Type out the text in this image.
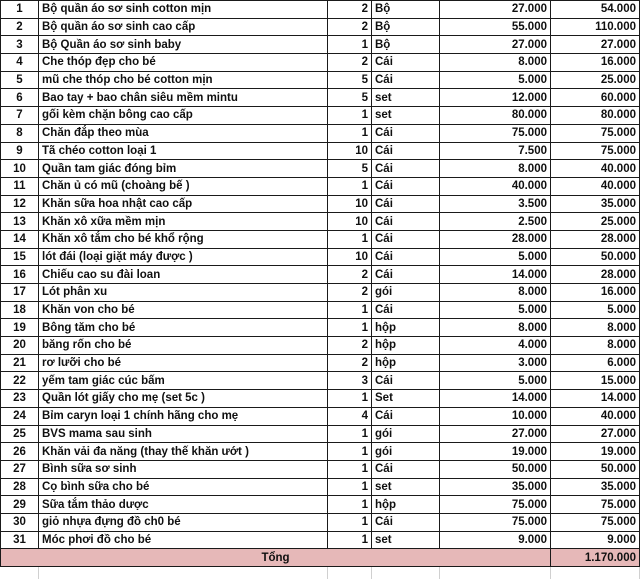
1	Bộ quần áo sơ sinh cotton mịn	2	Bộ	27.000	54.000
2	Bộ quần áo sơ sinh cao cấp	2	Bộ	55.000	110.000
3	Bộ Quần áo sơ sinh baby	1	Bộ	27.000	27.000
4	Che thóp đẹp cho bé	2	Cái	8.000	16.000
5	mũ che thóp cho bé cotton mịn	5	Cái	5.000	25.000
6	Bao tay + bao chân siêu mềm mintu	5	set	12.000	60.000
7	gối kèm chặn bông cao cấp	1	set	80.000	80.000
8	Chăn đắp theo mùa	1	Cái	75.000	75.000
9	Tã chéo cotton loại 1	10	Cái	7.500	75.000
10	Quần tam giác đóng bỉm	5	Cái	8.000	40.000
11	Chăn ủ có mũ (choàng bế )	1	Cái	40.000	40.000
12	Khăn sữa hoa nhật cao cấp	10	Cái	3.500	35.000
13	Khăn xô xữa mềm mịn	10	Cái	2.500	25.000
14	Khăn xô tắm cho bé khổ rộng	1	Cái	28.000	28.000
15	lót đái (loại giặt máy được )	10	Cái	5.000	50.000
16	Chiếu cao su đài loan	2	Cái	14.000	28.000
17	Lót phân xu	2	gói	8.000	16.000
18	Khăn von cho bé	1	Cái	5.000	5.000
19	Bông tăm cho bé	1	hộp	8.000	8.000
20	băng rốn cho bé	2	hộp	4.000	8.000
21	rơ lưỡi cho bé	2	hộp	3.000	6.000
22	yếm tam giác cúc bấm	3	Cái	5.000	15.000
23	Quần lót giấy cho mẹ (set 5c )	1	Set	14.000	14.000
24	Bỉm caryn loại 1 chính hãng cho mẹ	4	Cái	10.000	40.000
25	BVS mama sau sinh	1	gói	27.000	27.000
26	Khăn vải đa năng (thay thế khăn ướt )	1	gói	19.000	19.000
27	Bình sữa sơ sinh	1	Cái	50.000	50.000
28	Cọ bình sữa cho bé	1	set	35.000	35.000
29	Sữa tắm thảo dược	1	hộp	75.000	75.000
30	giỏ nhựa đựng đồ ch0 bé	1	Cái	75.000	75.000
31	Móc phơi đồ cho bé	1	set	9.000	9.000
Tổng					1.170.000
